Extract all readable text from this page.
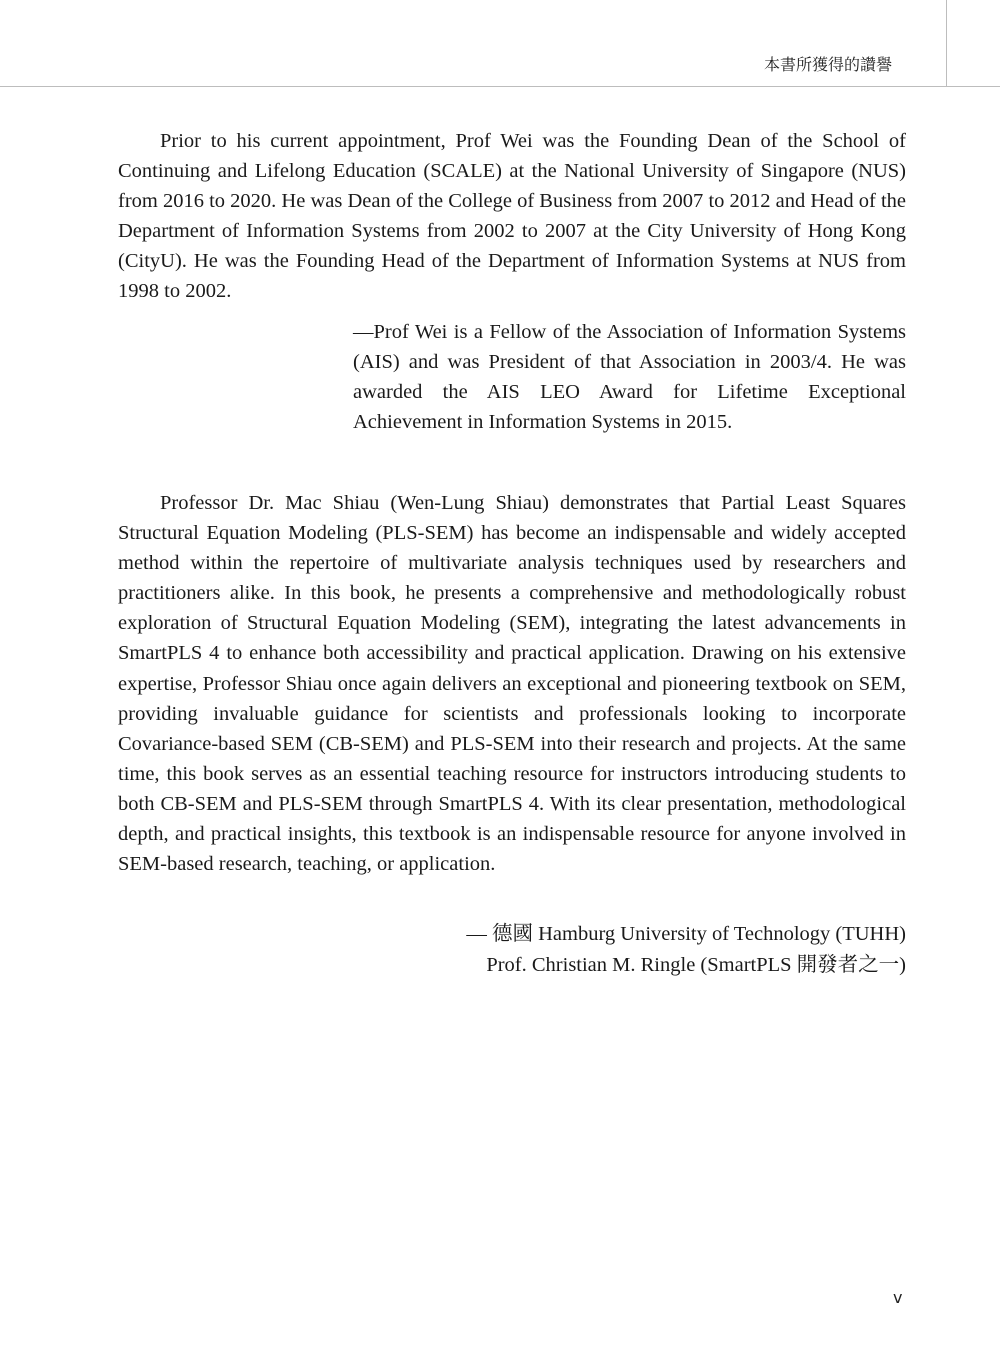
本書所獲得的讚譽

Prior to his current appointment, Prof Wei was the Founding Dean of the School of Continuing and Lifelong Education (SCALE) at the National University of Singapore (NUS) from 2016 to 2020. He was Dean of the College of Business from 2007 to 2012 and Head of the Department of Information Systems from 2002 to 2007 at the City University of Hong Kong (CityU). He was the Founding Head of the Department of Information Systems at NUS from 1998 to 2002.

—Prof Wei is a Fellow of the Association of Information Systems (AIS) and was President of that Association in 2003/4. He was awarded the AIS LEO Award for Lifetime Exceptional Achievement in Information Systems in 2015.

Professor Dr. Mac Shiau (Wen-Lung Shiau) demonstrates that Partial Least Squares Structural Equation Modeling (PLS-SEM) has become an indispensable and widely accepted method within the repertoire of multivariate analysis techniques used by researchers and practitioners alike. In this book, he presents a comprehensive and methodologically robust exploration of Structural Equation Modeling (SEM), integrating the latest advancements in SmartPLS 4 to enhance both accessibility and practical application. Drawing on his extensive expertise, Professor Shiau once again delivers an exceptional and pioneering textbook on SEM, providing invaluable guidance for scientists and professionals looking to incorporate Covariance-based SEM (CB-SEM) and PLS-SEM into their research and projects. At the same time, this book serves as an essential teaching resource for instructors introducing students to both CB-SEM and PLS-SEM through SmartPLS 4. With its clear presentation, methodological depth, and practical insights, this textbook is an indispensable resource for anyone involved in SEM-based research, teaching, or application.

— 德國 Hamburg University of Technology (TUHH)
Prof. Christian M. Ringle (SmartPLS 開發者之一)
v
